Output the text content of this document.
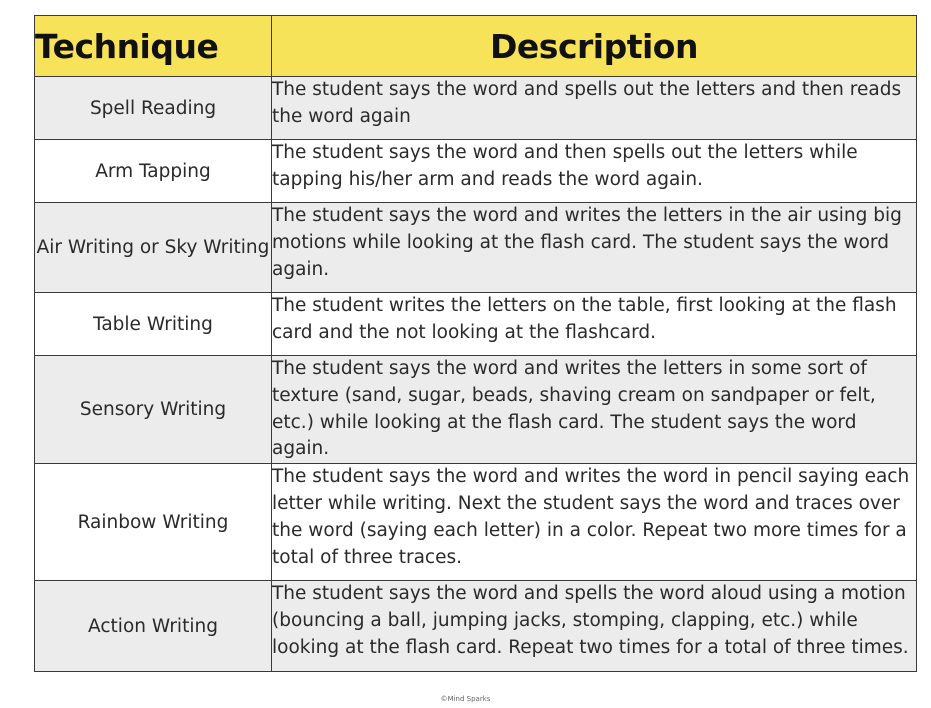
Technique	Description
Spell Reading	The student says the word and spells out the letters and then reads the word again
Arm Tapping	The student says the word and then spells out the letters while tapping his/her arm and reads the word again.
Air Writing or Sky Writing	The student says the word and writes the letters in the air using big motions while looking at the flash card. The student says the word again.
Table Writing	The student writes the letters on the table, first looking at the flash card and the not looking at the flashcard.
Sensory Writing	The student says the word and writes the letters in some sort of texture (sand, sugar, beads, shaving cream on sandpaper or felt, etc.) while looking at the flash card. The student says the word again.
Rainbow Writing	The student says the word and writes the word in pencil saying each letter while writing. Next the student says the word and traces over the word (saying each letter) in a color. Repeat two more times for a total of three traces.
Action Writing	The student says the word and spells the word aloud using a motion (bouncing a ball, jumping jacks, stomping, clapping, etc.) while looking at the flash card. Repeat two times for a total of three times.
©Mind Sparks
